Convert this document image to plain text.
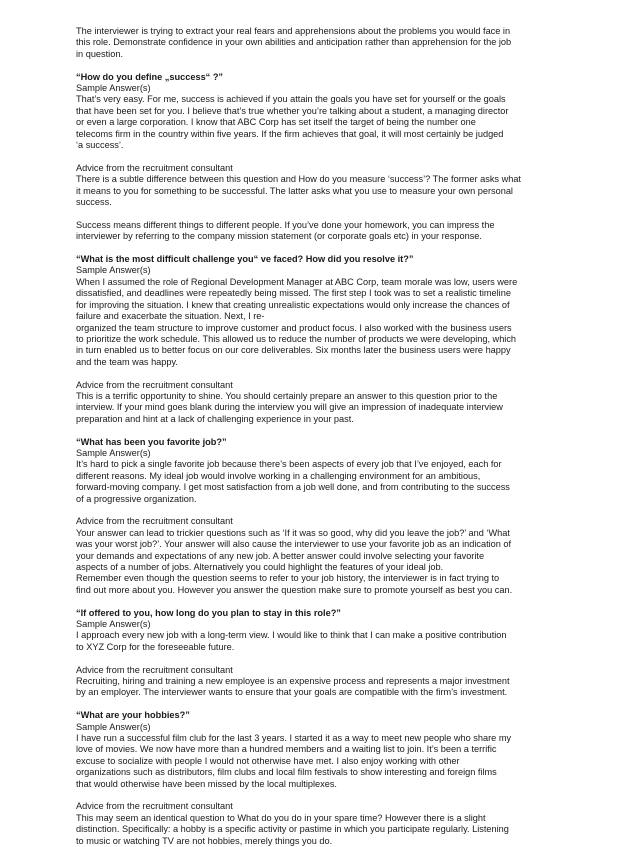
The interviewer is trying to extract your real fears and apprehensions about the problems you would face in

this role. Demonstrate confidence in your own abilities and anticipation rather than apprehension for the job

in question.

“How do you define „success“ ?”

Sample Answer(s)

That’s very easy. For me, success is achieved if you attain the goals you have set for yourself or the goals

that have been set for you. I believe that’s true whether you’re talking about a student, a managing director

or even a large corporation. I know that ABC Corp has set itself the target of being the number one

telecoms firm in the country within five years. If the firm achieves that goal, it will most certainly be judged

‘a success’.

Advice from the recruitment consultant

There is a subtle difference between this question and How do you measure ‘success’? The former asks what

it means to you for something to be successful. The latter asks what you use to measure your own personal

success.

Success means different things to different people. If you’ve done your homework, you can impress the

interviewer by referring to the company mission statement (or corporate goals etc) in your response.

“What is the most difficult challenge you“ ve faced? How did you resolve it?”

Sample Answer(s)

When I assumed the role of Regional Development Manager at ABC Corp, team morale was low, users were

dissatisfied, and deadlines were repeatedly being missed. The first step I took was to set a realistic timeline

for improving the situation. I knew that creating unrealistic expectations would only increase the chances of

failure and exacerbate the situation. Next, I re-

organized the team structure to improve customer and product focus. I also worked with the business users

to prioritize the work schedule. This allowed us to reduce the number of products we were developing, which

in turn enabled us to better focus on our core deliverables. Six months later the business users were happy

and the team was happy.

Advice from the recruitment consultant

This is a terrific opportunity to shine. You should certainly prepare an answer to this question prior to the

interview. If your mind goes blank during the interview you will give an impression of inadequate interview

preparation and hint at a lack of challenging experience in your past.

“What has been you favorite job?”

Sample Answer(s)

It’s hard to pick a single favorite job because there’s been aspects of every job that I’ve enjoyed, each for

different reasons. My ideal job would involve working in a challenging environment for an ambitious,

forward-moving company. I get most satisfaction from a job well done, and from contributing to the success

of a progressive organization.

Advice from the recruitment consultant

Your answer can lead to trickier questions such as ‘If it was so good, why did you leave the job?’ and ‘What

was your worst job?’. Your answer will also cause the interviewer to use your favorite job as an indication of

your demands and expectations of any new job. A better answer could involve selecting your favorite

aspects of a number of jobs. Alternatively you could highlight the features of your ideal job.

Remember even though the question seems to refer to your job history, the interviewer is in fact trying to

find out more about you. However you answer the question make sure to promote yourself as best you can.

“If offered to you, how long do you plan to stay in this role?”

Sample Answer(s)

I approach every new job with a long-term view. I would like to think that I can make a positive contribution

to XYZ Corp for the foreseeable future.

Advice from the recruitment consultant

Recruiting, hiring and training a new employee is an expensive process and represents a major investment

by an employer. The interviewer wants to ensure that your goals are compatible with the firm’s investment.

“What are your hobbies?”

Sample Answer(s)

I have run a successful film club for the last 3 years. I started it as a way to meet new people who share my

love of movies. We now have more than a hundred members and a waiting list to join. It’s been a terrific

excuse to socialize with people I would not otherwise have met. I also enjoy working with other

organizations such as distributors, film clubs and local film festivals to show interesting and foreign films

that would otherwise have been missed by the local multiplexes.

Advice from the recruitment consultant

This may seem an identical question to What do you do in your spare time? However there is a slight

distinction. Specifically: a hobby is a specific activity or pastime in which you participate regularly. Listening

to music or watching TV are not hobbies, merely things you do.
